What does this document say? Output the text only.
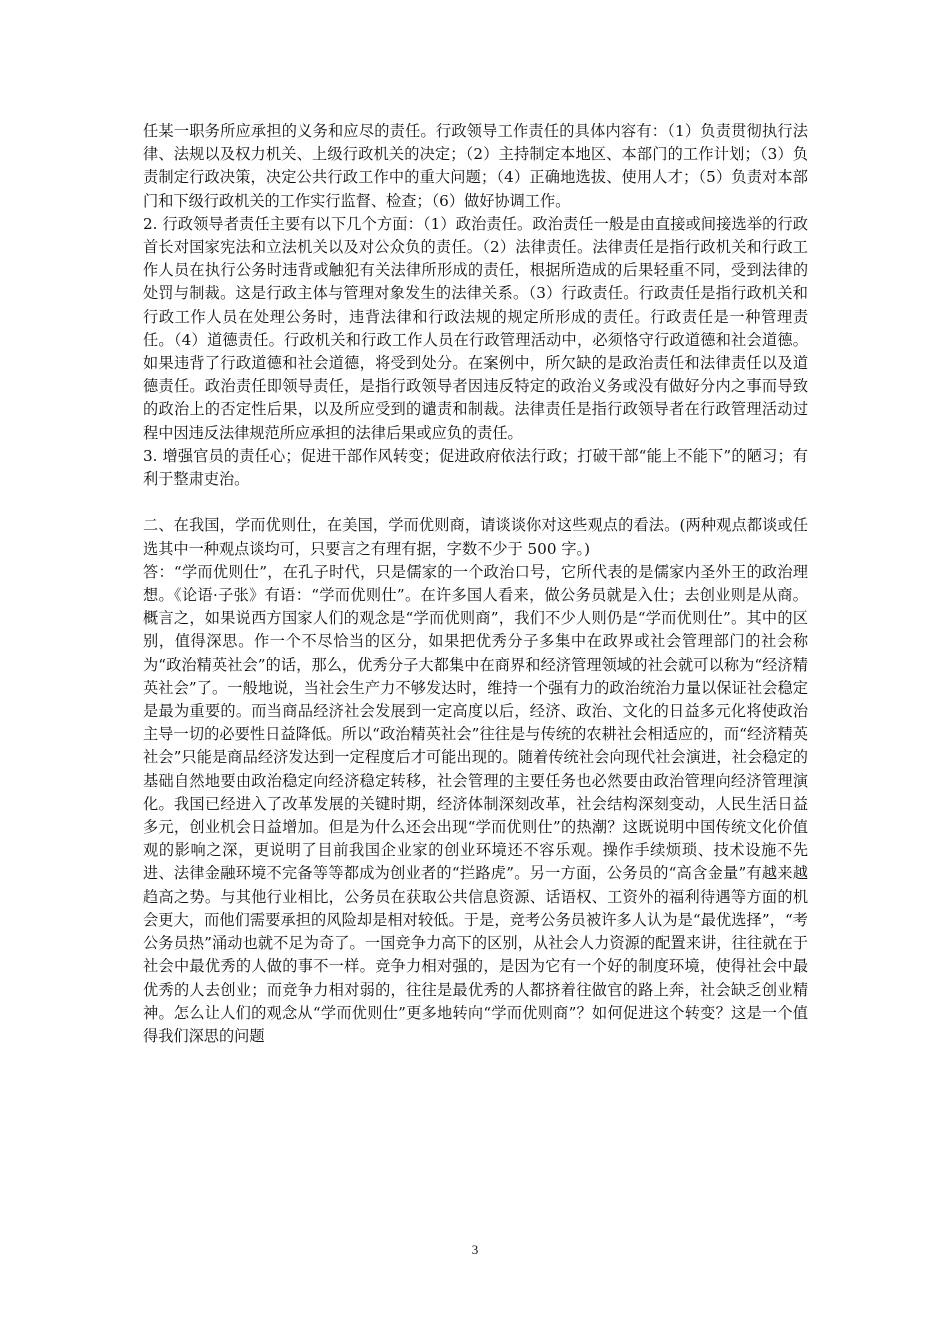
任某一职务所应承担的义务和应尽的责任。行政领导工作责任的具体内容有：（1）负责贯彻执行法律、法规以及权力机关、上级行政机关的决定；（2）主持制定本地区、本部门的工作计划；（3）负责制定行政决策，决定公共行政工作中的重大问题；（4）正确地选拔、使用人才；（5）负责对本部门和下级行政机关的工作实行监督、检查；（6）做好协调工作。

2. 行政领导者责任主要有以下几个方面：（1）政治责任。政治责任一般是由直接或间接选举的行政首长对国家宪法和立法机关以及对公众负的责任。（2）法律责任。法律责任是指行政机关和行政工作人员在执行公务时违背或触犯有关法律所形成的责任，根据所造成的后果轻重不同，受到法律的处罚与制裁。这是行政主体与管理对象发生的法律关系。（3）行政责任。行政责任是指行政机关和行政工作人员在处理公务时，违背法律和行政法规的规定所形成的责任。行政责任是一种管理责任。（4）道德责任。行政机关和行政工作人员在行政管理活动中，必须恪守行政道德和社会道德。如果违背了行政道德和社会道德，将受到处分。在案例中，所欠缺的是政治责任和法律责任以及道德责任。政治责任即领导责任，是指行政领导者因违反特定的政治义务或没有做好分内之事而导致的政治上的否定性后果，以及所应受到的谴责和制裁。法律责任是指行政领导者在行政管理活动过程中因违反法律规范所应承担的法律后果或应负的责任。

3. 增强官员的责任心；促进干部作风转变；促进政府依法行政；打破干部“能上不能下”的陋习；有利于整肃吏治。

二、在我国，学而优则仕，在美国，学而优则商，请谈谈你对这些观点的看法。(两种观点都谈或任选其中一种观点谈均可，只要言之有理有据，字数不少于 500 字。)

答：“学而优则仕”，在孔子时代，只是儒家的一个政治口号，它所代表的是儒家内圣外王的政治理想。《论语·子张》有语：“学而优则仕”。在许多国人看来，做公务员就是入仕；去创业则是从商。概言之，如果说西方国家人们的观念是“学而优则商”，我们不少人则仍是“学而优则仕”。其中的区别，值得深思。作一个不尽恰当的区分，如果把优秀分子多集中在政界或社会管理部门的社会称为“政治精英社会”的话，那么，优秀分子大都集中在商界和经济管理领域的社会就可以称为“经济精英社会”了。一般地说，当社会生产力不够发达时，维持一个强有力的政治统治力量以保证社会稳定是最为重要的。而当商品经济社会发展到一定高度以后，经济、政治、文化的日益多元化将使政治主导一切的必要性日益降低。所以“政治精英社会”往往是与传统的农耕社会相适应的，而“经济精英社会”只能是商品经济发达到一定程度后才可能出现的。随着传统社会向现代社会演进，社会稳定的基础自然地要由政治稳定向经济稳定转移，社会管理的主要任务也必然要由政治管理向经济管理演化。我国已经进入了改革发展的关键时期，经济体制深刻改革，社会结构深刻变动，人民生活日益多元，创业机会日益增加。但是为什么还会出现“学而优则仕”的热潮？这既说明中国传统文化价值观的影响之深，更说明了目前我国企业家的创业环境还不容乐观。操作手续烦琐、技术设施不先进、法律金融环境不完备等等都成为创业者的“拦路虎”。另一方面，公务员的“高含金量”有越来越趋高之势。与其他行业相比，公务员在获取公共信息资源、话语权、工资外的福利待遇等方面的机会更大，而他们需要承担的风险却是相对较低。于是，竞考公务员被许多人认为是“最优选择”，“考公务员热”涌动也就不足为奇了。一国竞争力高下的区别，从社会人力资源的配置来讲，往往就在于社会中最优秀的人做的事不一样。竞争力相对强的，是因为它有一个好的制度环境，使得社会中最优秀的人去创业；而竞争力相对弱的，往往是最优秀的人都挤着往做官的路上奔，社会缺乏创业精神。怎么让人们的观念从“学而优则仕”更多地转向“学而优则商”？如何促进这个转变？这是一个值得我们深思的问题

3
